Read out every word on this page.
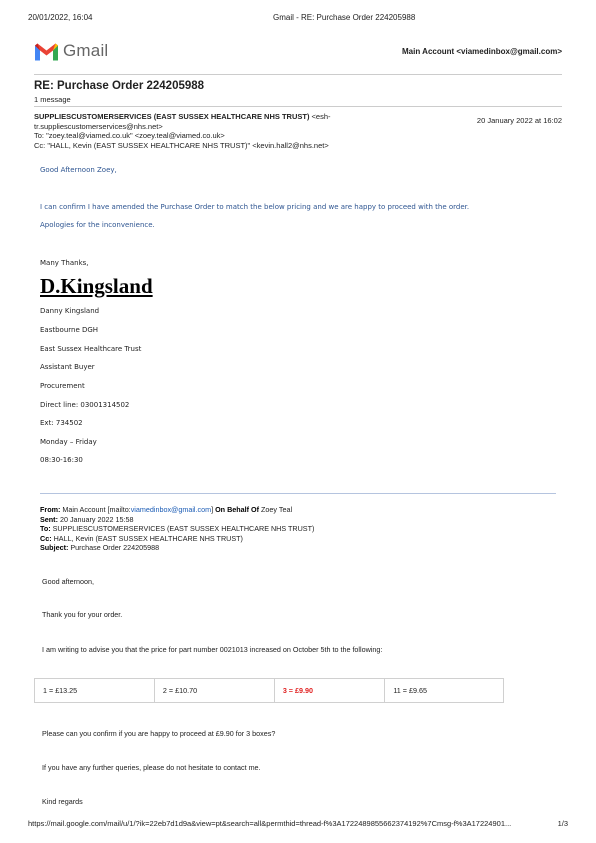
20/01/2022, 16:04	Gmail - RE: Purchase Order 224205988
Gmail	Main Account <viamedinbox@gmail.com>
RE: Purchase Order 224205988
1 message
SUPPLIESCUSTOMERSERVICES (EAST SUSSEX HEALTHCARE NHS TRUST) <esh-
tr.suppliescustomerservices@nhs.net>
To: "zoey.teal@viamed.co.uk" <zoey.teal@viamed.co.uk>
Cc: "HALL, Kevin (EAST SUSSEX HEALTHCARE NHS TRUST)" <kevin.hall2@nhs.net>
20 January 2022 at 16:02
Good Afternoon Zoey,
I can confirm I have amended the Purchase Order to match the below pricing and we are happy to proceed with the order.
Apologies for the inconvenience.
Many Thanks,
D.Kingsland
Danny Kingsland
Eastbourne DGH
East Sussex Healthcare Trust
Assistant Buyer
Procurement
Direct line: 03001314502
Ext: 734502
Monday – Friday
08:30-16:30
From: Main Account [mailto:viamedinbox@gmail.com] On Behalf Of Zoey Teal
Sent: 20 January 2022 15:58
To: SUPPLIESCUSTOMERSERVICES (EAST SUSSEX HEALTHCARE NHS TRUST)
Cc: HALL, Kevin (EAST SUSSEX HEALTHCARE NHS TRUST)
Subject: Purchase Order 224205988
Good afternoon,
Thank you for your order.
I am writing to advise you that the price for part number 0021013 increased on October 5th to the following:
1 = £13.25	2 = £10.70	3 = £9.90	11 = £9.65
Please can you confirm if you are happy to proceed at £9.90 for 3 boxes?
If you have any further queries, please do not hesitate to contact me.
Kind regards
https://mail.google.com/mail/u/1/?ik=22eb7d1d9a&view=pt&search=all&permthid=thread-f%3A1722489855662374192%7Cmsg-f%3A17224901...	1/3
